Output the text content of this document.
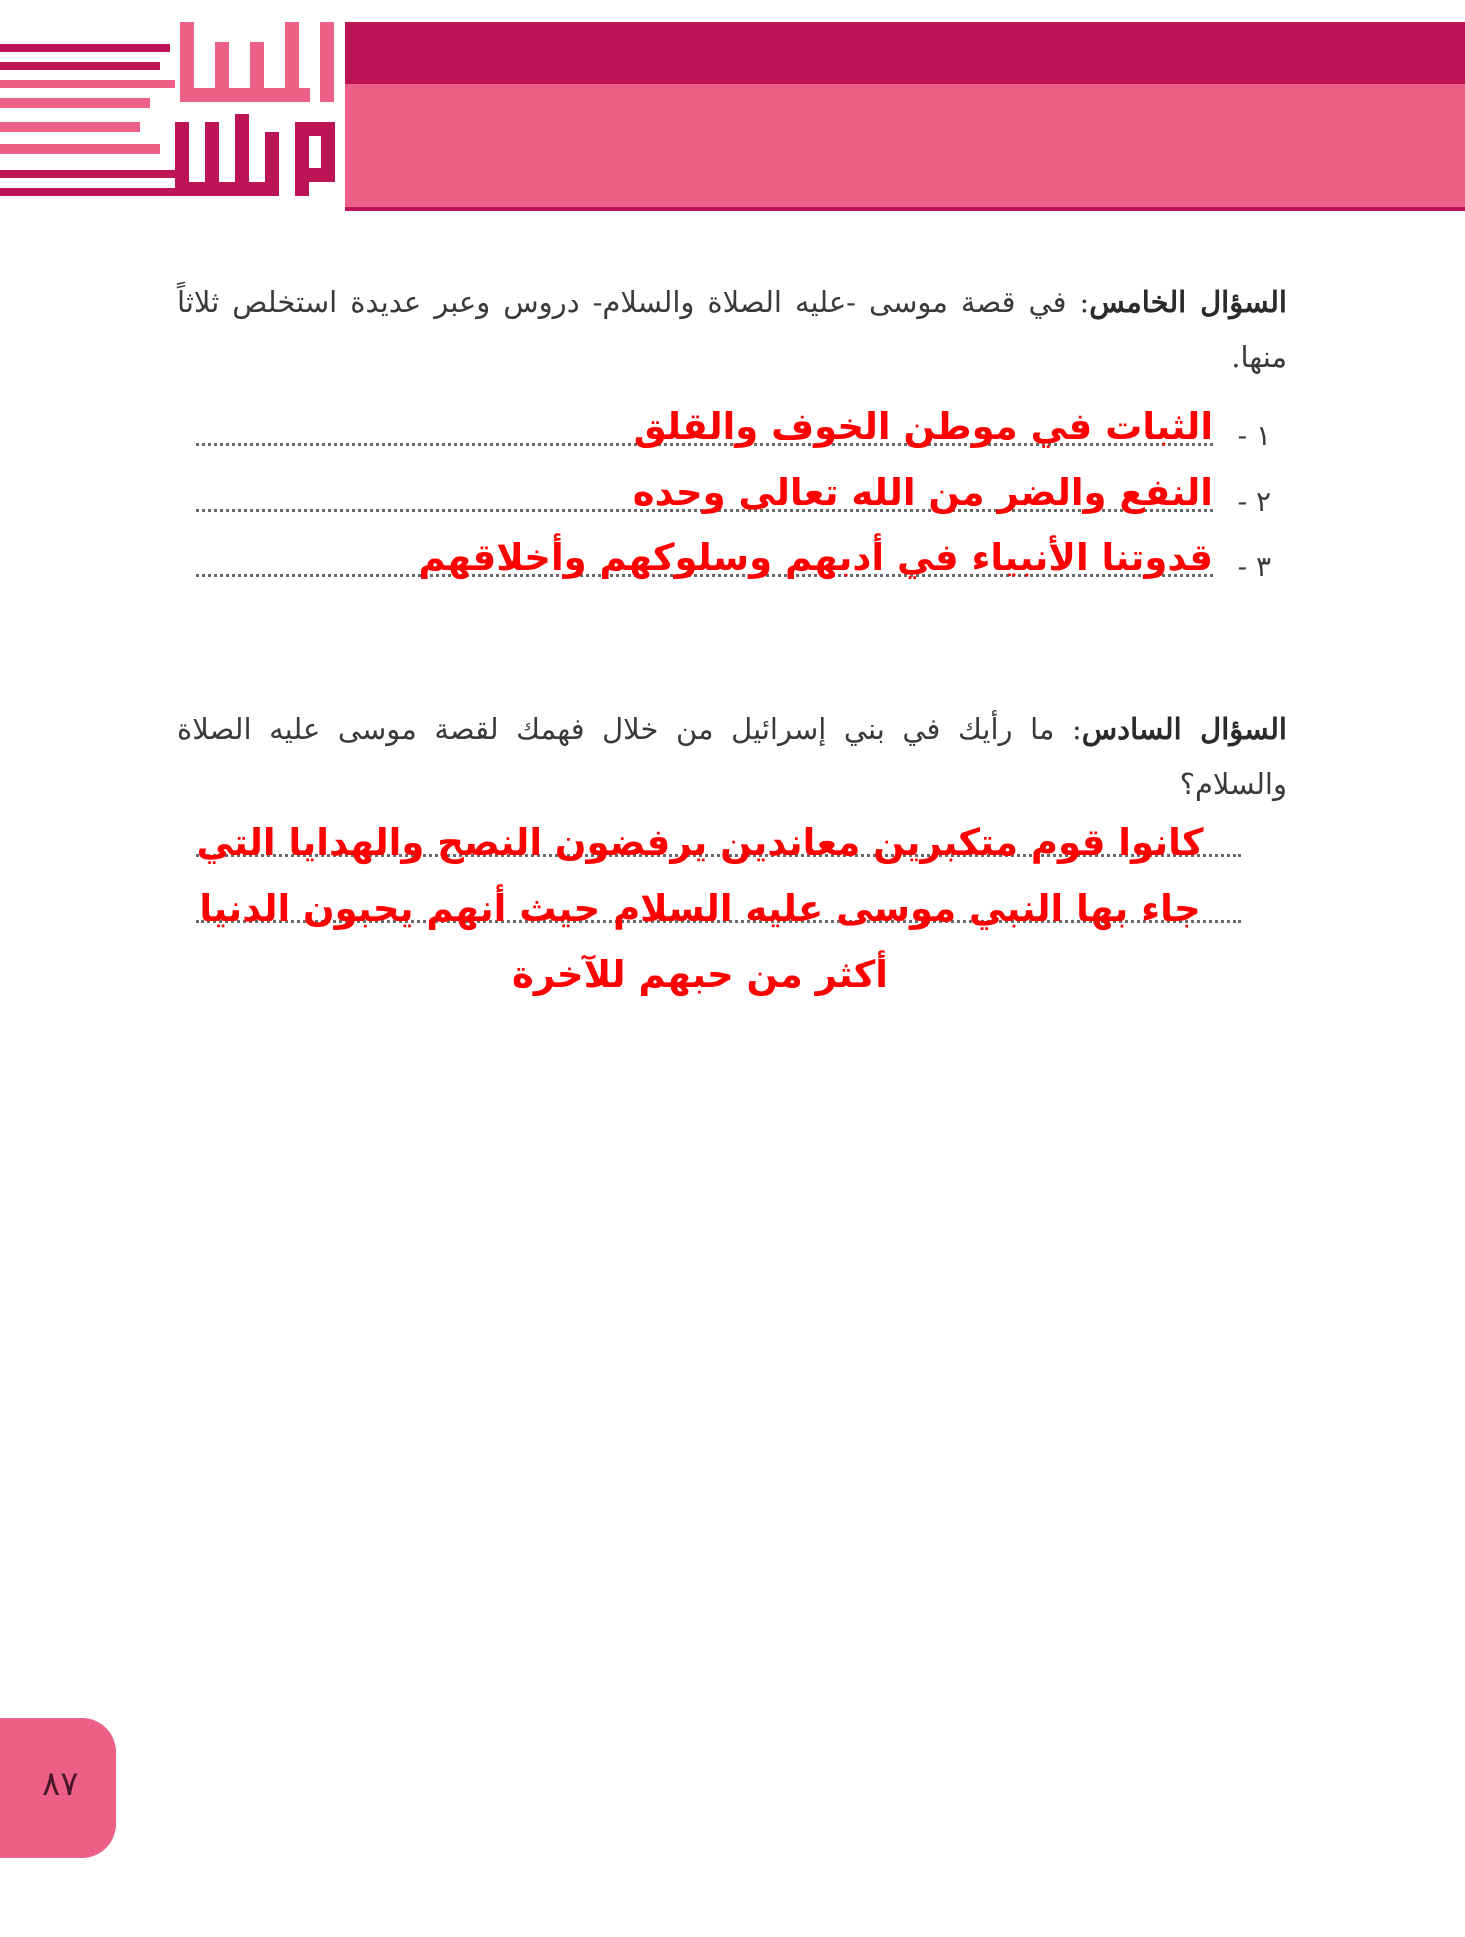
السؤال الخامس: في قصة موسى -عليه الصلاة والسلام- دروس وعبر عديدة استخلص ثلاثاً منها.
١ -
الثبات في موطن الخوف والقلق
٢ -
النفع والضر من الله تعالى وحده
٣ -
قدوتنا الأنبياء في أدبهم وسلوكهم وأخلاقهم
السؤال السادس: ما رأيك في بني إسرائيل من خلال فهمك لقصة موسى عليه الصلاة والسلام؟
كانوا قوم متكبرين معاندين يرفضون النصح والهدايا التي جاء بها النبي موسى عليه السلام حيث أنهم يحبون الدنيا أكثر من حبهم للآخرة
٨٧
